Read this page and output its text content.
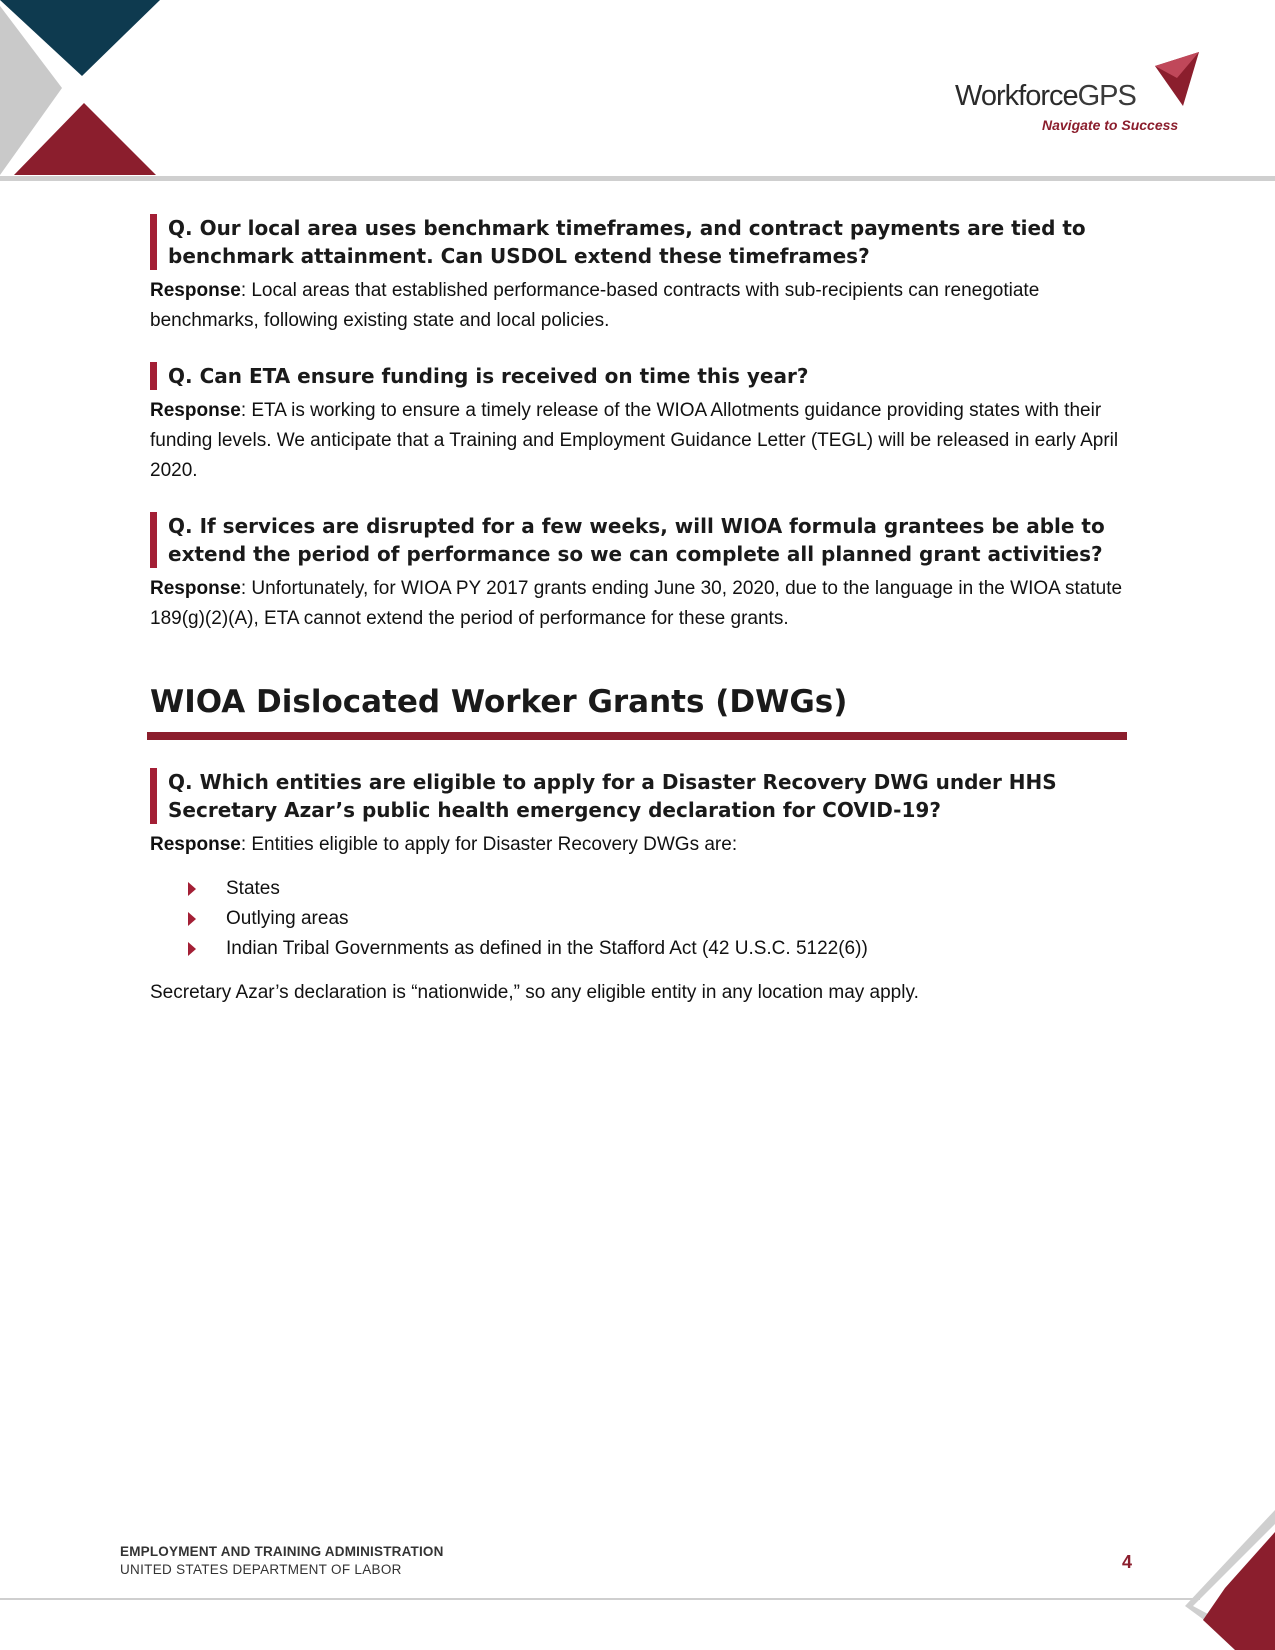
WorkforceGPS
Navigate to Success

Q. Our local area uses benchmark timeframes, and contract payments are tied to benchmark attainment. Can USDOL extend these timeframes?

Response: Local areas that established performance-based contracts with sub-recipients can renegotiate benchmarks, following existing state and local policies.

Q. Can ETA ensure funding is received on time this year?

Response: ETA is working to ensure a timely release of the WIOA Allotments guidance providing states with their funding levels. We anticipate that a Training and Employment Guidance Letter (TEGL) will be released in early April 2020.

Q. If services are disrupted for a few weeks, will WIOA formula grantees be able to extend the period of performance so we can complete all planned grant activities?

Response: Unfortunately, for WIOA PY 2017 grants ending June 30, 2020, due to the language in the WIOA statute 189(g)(2)(A), ETA cannot extend the period of performance for these grants.

WIOA Dislocated Worker Grants (DWGs)

Q. Which entities are eligible to apply for a Disaster Recovery DWG under HHS Secretary Azar’s public health emergency declaration for COVID-19?

Response: Entities eligible to apply for Disaster Recovery DWGs are:

States
Outlying areas
Indian Tribal Governments as defined in the Stafford Act (42 U.S.C. 5122(6))

Secretary Azar’s declaration is “nationwide,” so any eligible entity in any location may apply.

EMPLOYMENT AND TRAINING ADMINISTRATION
UNITED STATES DEPARTMENT OF LABOR	4
